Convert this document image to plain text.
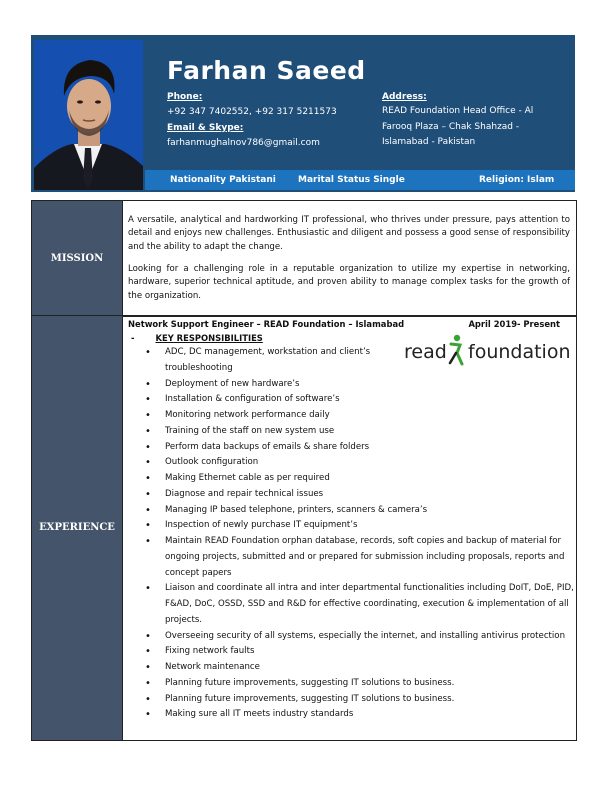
Farhan Saeed
Phone:
+92 347 7402552, +92 317 5211573
Email & Skype:
farhanmughalnov786@gmail.com
Address:
READ Foundation Head Office - Al
Farooq Plaza – Chak Shahzad -
Islamabad - Pakistan
Nationality Pakistani Marital Status Single	Religion: Islam
MISSION
A versatile, analytical and hardworking IT professional, who thrives under pressure, pays attention to detail and enjoys new challenges. Enthusiastic and diligent and possess a good sense of responsibility and the ability to adapt the change.
Looking for a challenging role in a reputable organization to utilize my expertise in networking, hardware, superior technical aptitude, and proven ability to manage complex tasks for the growth of the organization.
EXPERIENCE
Network Support Engineer – READ Foundation – Islamabad	April 2019- Present
-	KEY RESPONSIBILITIES
read foundation
• ADC, DC management, workstation and client’s troubleshooting
• Deployment of new hardware’s
• Installation & configuration of software’s
• Monitoring network performance daily
• Training of the staff on new system use
• Perform data backups of emails & share folders
• Outlook configuration
• Making Ethernet cable as per required
• Diagnose and repair technical issues
• Managing IP based telephone, printers, scanners & camera’s
• Inspection of newly purchase IT equipment’s
• Maintain READ Foundation orphan database, records, soft copies and backup of material for ongoing projects, submitted and or prepared for submission including proposals, reports and concept papers
• Liaison and coordinate all intra and inter departmental functionalities including DoIT, DoE, PID, F&AD, DoC, OSSD, SSD and R&D for effective coordinating, execution & implementation of all projects.
• Overseeing security of all systems, especially the internet, and installing antivirus protection
• Fixing network faults
• Network maintenance
• Planning future improvements, suggesting IT solutions to business.
• Planning future improvements, suggesting IT solutions to business.
• Making sure all IT meets industry standards
